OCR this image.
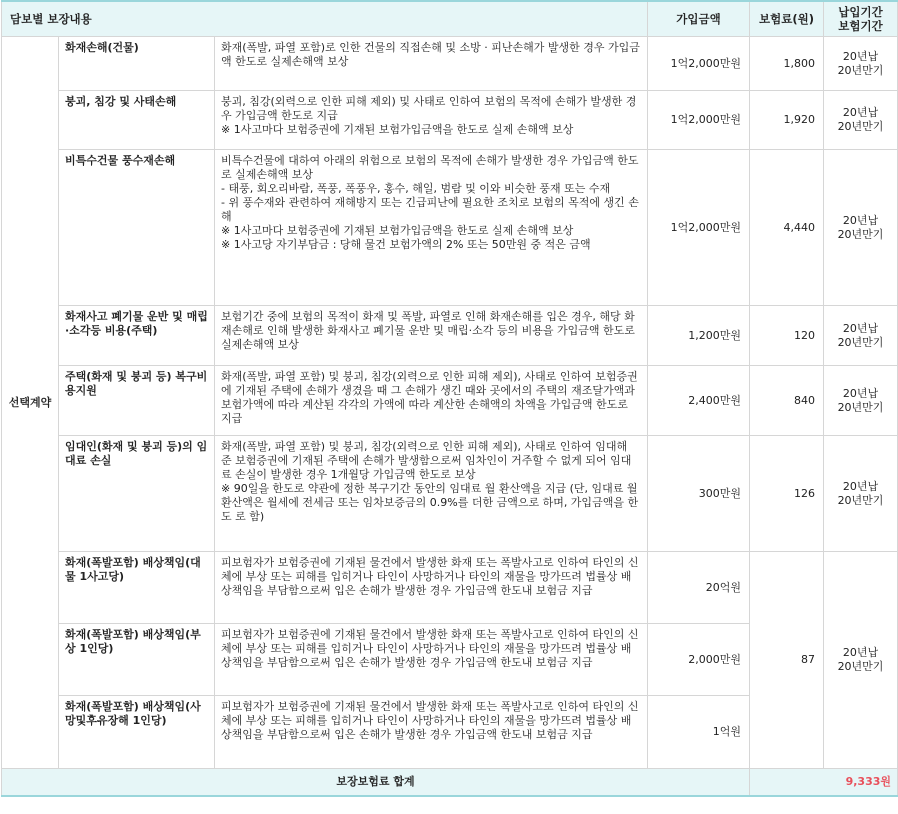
담보별 보장내용			가입금액	보험료(원)	납입기간
보험기간

선택계약	화재손해(건물)	화재(폭발, 파열 포함)로 인한 건물의 직접손해 및 소방 · 피난손해가 발생한 경우 가입금액 한도로 실제손해액 보상	1억2,000만원	1,800	20년납
20년만기

	붕괴, 침강 및 사태손해	붕괴, 침강(외력으로 인한 피해 제외) 및 사태로 인하여 보험의 목적에 손해가 발생한 경우 가입금액 한도로 지급
※ 1사고마다 보험증권에 기재된 보험가입금액을 한도로 실제 손해액 보상	1억2,000만원	1,920	20년납
20년만기

	비특수건물 풍수재손해	비특수건물에 대하여 아래의 위험으로 보험의 목적에 손해가 발생한 경우 가입금액 한도로 실제손해액 보상
- 태풍, 회오리바람, 폭풍, 폭풍우, 홍수, 해일, 범람 및 이와 비슷한 풍재 또는 수재
- 위 풍수재와 관련하여 재해방지 또는 긴급피난에 필요한 조치로 보험의 목적에 생긴 손해
※ 1사고마다 보험증권에 기재된 보험가입금액을 한도로 실제 손해액 보상
※ 1사고당 자기부담금 : 당해 물건 보험가액의 2% 또는 50만원 중 적은 금액	1억2,000만원	4,440	20년납
20년만기

	화재사고 폐기물 운반 및 매립·소각등 비용(주택)	보험기간 중에 보험의 목적이 화재 및 폭발, 파열로 인해 화재손해를 입은 경우, 해당 화재손해로 인해 발생한 화재사고 폐기물 운반 및 매립·소각 등의 비용을 가입금액 한도로 실제손해액 보상	1,200만원	120	20년납
20년만기

	주택(화재 및 붕괴 등) 복구비용지원	화재(폭발, 파열 포함) 및 붕괴, 침강(외력으로 인한 피해 제외), 사태로 인하여 보험증권에 기재된 주택에 손해가 생겼을 때 그 손해가 생긴 때와 곳에서의 주택의 재조달가액과 보험가액에 따라 계산된 각각의 가액에 따라 계산한 손해액의 차액을 가입금액 한도로 지급	2,400만원	840	20년납
20년만기

	임대인(화재 및 붕괴 등)의 임대료 손실	화재(폭발, 파열 포함) 및 붕괴, 침강(외력으로 인한 피해 제외), 사태로 인하여 임대해 준 보험증권에 기재된 주택에 손해가 발생함으로써 임차인이 거주할 수 없게 되어 임대료 손실이 발생한 경우 1개월당 가입금액 한도로 보상
※ 90일을 한도로 약관에 정한 복구기간 동안의 임대료 월 환산액을 지급 (단, 임대료 월 환산액은 월세에 전세금 또는 임차보증금의 0.9%를 더한 금액으로 하며, 가입금액을 한도 로 함)	300만원	126	20년납
20년만기

	화재(폭발포함) 배상책임(대물 1사고당)	피보험자가 보험증권에 기재된 물건에서 발생한 화재 또는 폭발사고로 인하여 타인의 신체에 부상 또는 피해를 입히거나 타인이 사망하거나 타인의 재물을 망가뜨려 법률상 배상책임을 부담함으로써 입은 손해가 발생한 경우 가입금액 한도내 보험금 지급	20억원	87	20년납
20년만기

	화재(폭발포함) 배상책임(부상 1인당)	피보험자가 보험증권에 기재된 물건에서 발생한 화재 또는 폭발사고로 인하여 타인의 신체에 부상 또는 피해를 입히거나 타인이 사망하거나 타인의 재물을 망가뜨려 법률상 배상책임을 부담함으로써 입은 손해가 발생한 경우 가입금액 한도내 보험금 지급	2,000만원		
	화재(폭발포함) 배상책임(사망및후유장해 1인당)	피보험자가 보험증권에 기재된 물건에서 발생한 화재 또는 폭발사고로 인하여 타인의 신체에 부상 또는 피해를 입히거나 타인이 사망하거나 타인의 재물을 망가뜨려 법률상 배상책임을 부담함으로써 입은 손해가 발생한 경우 가입금액 한도내 보험금 지급	1억원		
보장보험료 합계				9,333원	
